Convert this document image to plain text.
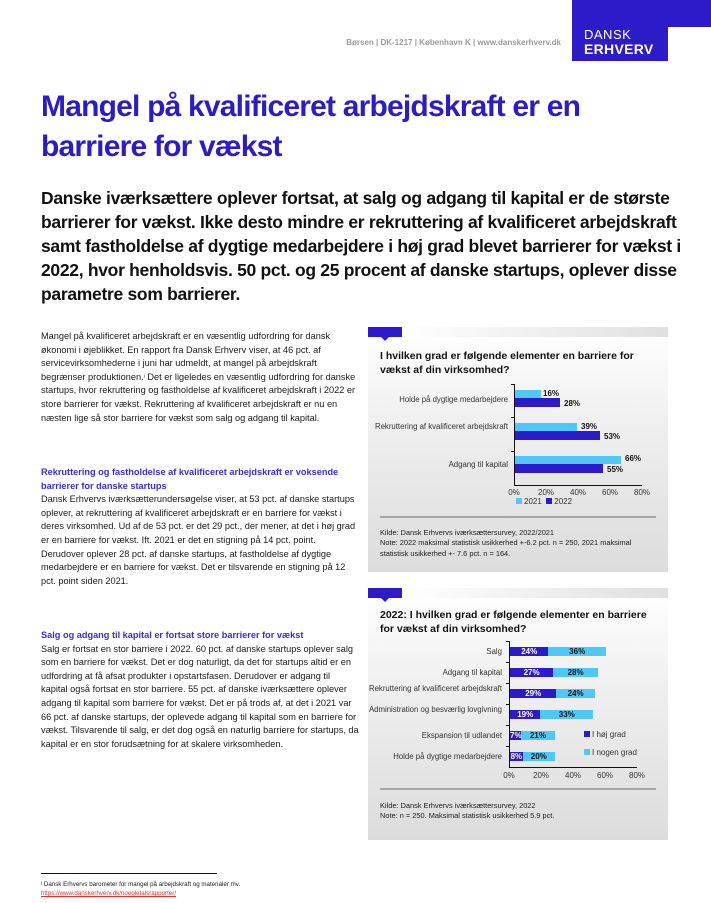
DANSK
ERHVERV
Børsen | DK-1217 | København K | www.danskerhverv.dk
Mangel på kvalificeret arbejdskraft er en barriere for vækst

Danske iværksættere oplever fortsat, at salg og adgang til kapital er de største barrierer for vækst. Ikke desto mindre er rekruttering af kvalificeret arbejdskraft samt fastholdelse af dygtige medarbejdere i høj grad blevet barrierer for vækst i 2022, hvor henholdsvis. 50 pct. og 25 procent af danske startups, oplever disse parametre som barrierer.

Mangel på kvalificeret arbejdskraft er en væsentlig udfordring for dansk økonomi i øjeblikket. En rapport fra Dansk Erhverv viser, at 46 pct. af servicevirksomhederne i juni har udmeldt, at mangel på arbejdskraft begrænser produktionen.$^i$ Det er ligeledes en væsentlig udfordring for danske startups, hvor rekruttering og fastholdelse af kvalificeret arbejdskraft i 2022 er store barrierer for vækst. Rekruttering af kvalificeret arbejdskraft er nu en næsten lige så stor barriere for vækst som salg og adgang til kapital.
Rekruttering og fastholdelse af kvalificeret arbejdskraft er voksende barrierer for danske startups
Dansk Erhvervs iværksætterundersøgelse viser, at 53 pct. af danske startups oplever, at rekruttering af kvalificeret arbejdskraft er en barriere for vækst i deres virksomhed. Ud af de 53 pct. er det 29 pct., der mener, at det i høj grad er en barriere for vækst. Ift. 2021 er det en stigning på 14 pct. point. Derudover oplever 28 pct. af danske startups, at fastholdelse af dygtige medarbejdere er en barriere for vækst. Det er tilsvarende en stigning på 12 pct. point siden 2021.
Salg og adgang til kapital er fortsat store barrierer for vækst
Salg er fortsat en stor barriere i 2022. 60 pct. af danske startups oplever salg som en barriere for vækst. Det er dog naturligt, da det for startups altid er en udfordring at få afsat produkter i opstartsfasen. Derudover er adgang til kapital også fortsat en stor barriere. 55 pct. af danske iværksættere oplever adgang til kapital som barriere for vækst. Det er på trods af, at det i 2021 var 66 pct. af danske startups, der oplevede adgang til kapital som en barriere for vækst. Tilsvarende til salg, er det dog også en naturlig barriere for startups, da kapital er en stor forudsætning for at skalere virksomheden.
I hvilken grad er følgende elementer en barriere for vækst af din virksomhed?
Holde på dygtige medarbejdere
16%
28%
Rekruttering af kvalificeret arbejdskraft	39%
53%
Adgang til kapital
66%
55%
0% 20% 40% 60% 80%
2021 2022
Kilde: Dansk Erhvervs iværksættersurvey, 2022/2021
Note: 2022 maksimal statistisk usikkerhed +-6.2 pct. n = 250, 2021 maksimal statistisk usikkerhed +- 7.6 pct. n = 164.
2022: I hvilken grad er følgende elementer en barriere for vækst af din virksomhed?
Salg	24%	36%
Adgang til kapital	27%	28%
Rekruttering af kvalificeret arbejdskraft
29%	24%
Administration og besværlig lovgivning
19%	33%
Ekspansion til udlandet 7%	21%
Holde på dygtige medarbejdere 8%	20%
I høj grad
I nogen grad
0% 20% 40% 60% 80%
Kilde: Dansk Erhvervs iværksættersurvey, 2022
Note: n = 250. Maksimal statistisk usikkerhed 5.9 pct.
$^i$ Dansk Erhvervs barometer for mangel på arbejdskraft og materialer mv.
https://www.danskerhverv.dk/noegletalsrapporter/
